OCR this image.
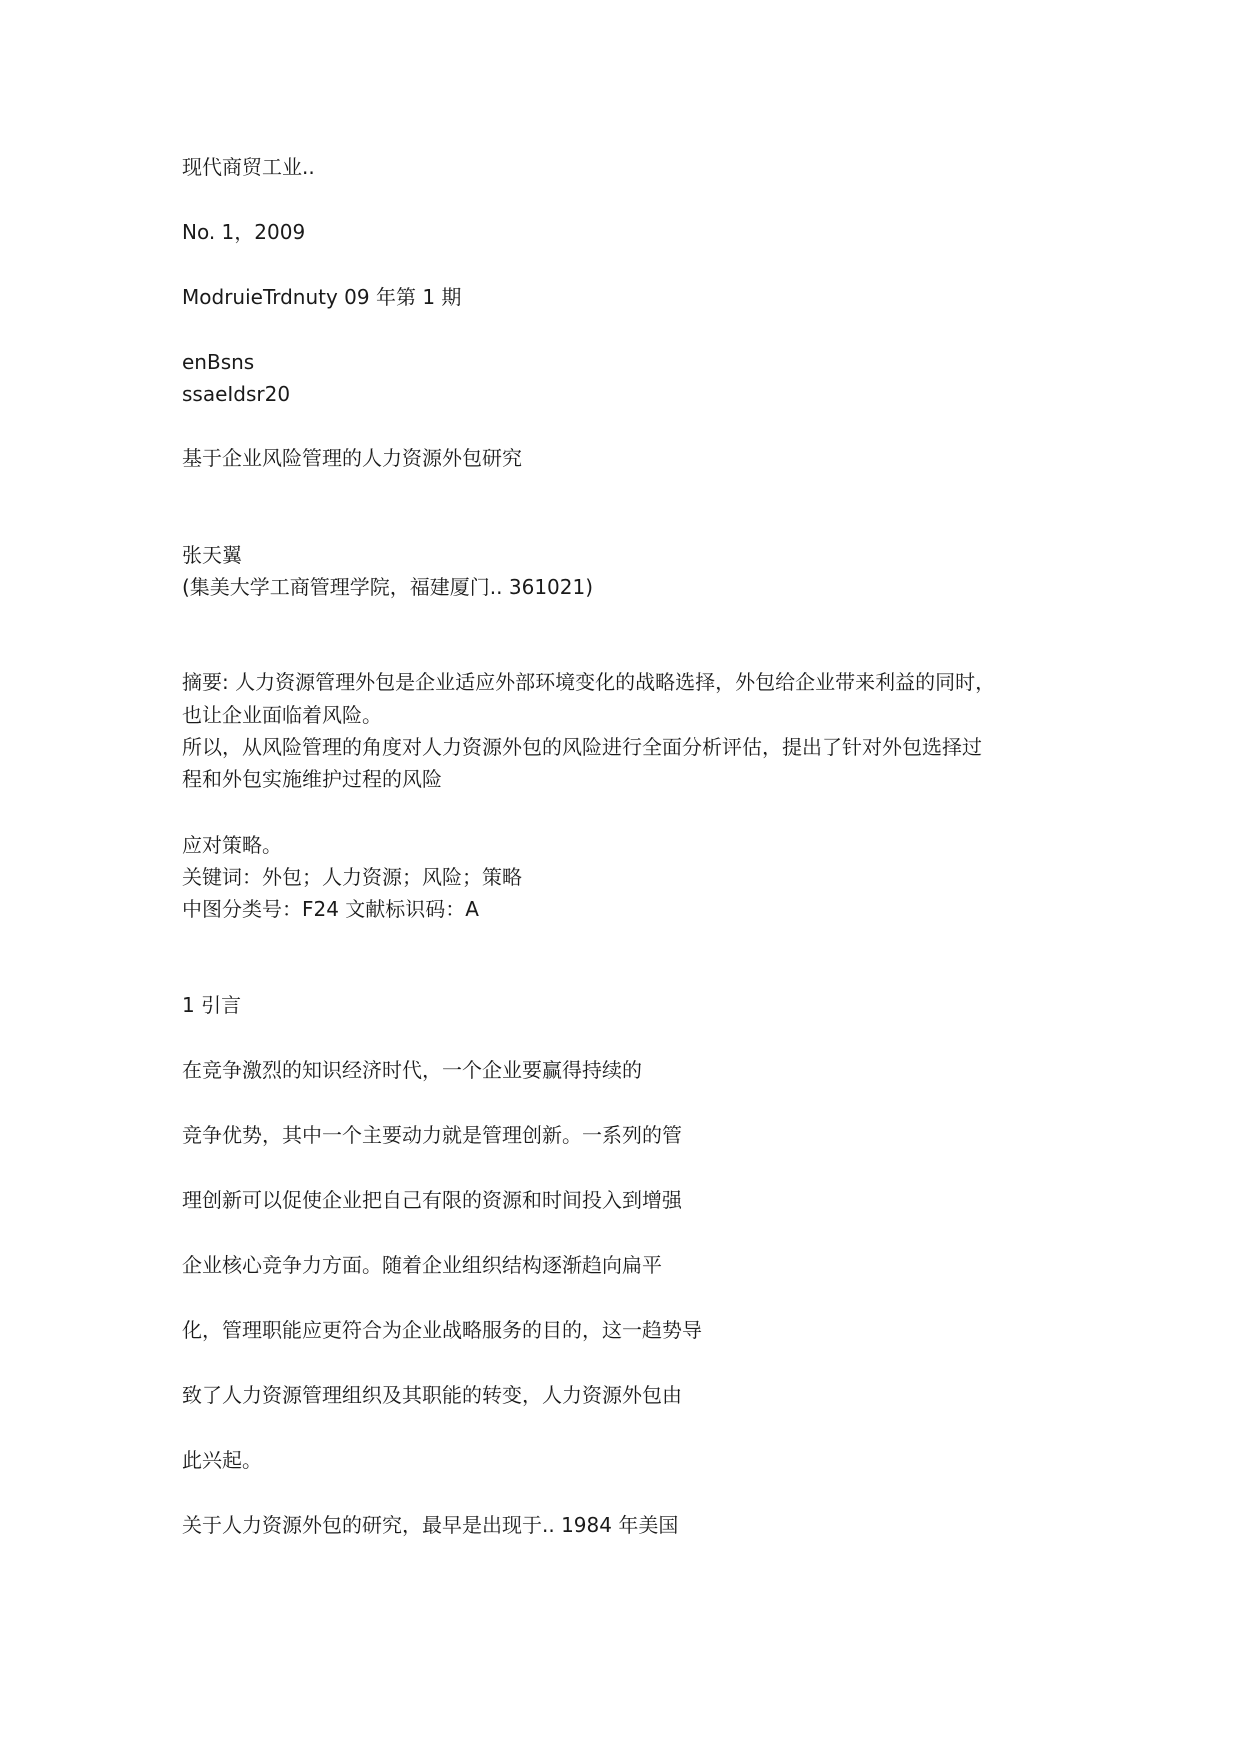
现代商贸工业..
No. 1，2009
ModruieTrdnuty 09 年第 1 期
enBsns
ssaeIdsr20
基于企业风险管理的人力资源外包研究
张天翼
(集美大学工商管理学院，福建厦门.. 361021)
摘要: 人力资源管理外包是企业适应外部环境变化的战略选择，外包给企业带来利益的同时，
也让企业面临着风险。
所以，从风险管理的角度对人力资源外包的风险进行全面分析评估，提出了针对外包选择过
程和外包实施维护过程的风险
应对策略。
关键词：外包；人力资源；风险；策略
中图分类号：F24 文献标识码：A
1 引言
在竞争激烈的知识经济时代，一个企业要赢得持续的
竞争优势，其中一个主要动力就是管理创新。一系列的管
理创新可以促使企业把自己有限的资源和时间投入到增强
企业核心竞争力方面。随着企业组织结构逐渐趋向扁平
化，管理职能应更符合为企业战略服务的目的，这一趋势导
致了人力资源管理组织及其职能的转变，人力资源外包由
此兴起。
关于人力资源外包的研究，最早是出现于.. 1984 年美国
